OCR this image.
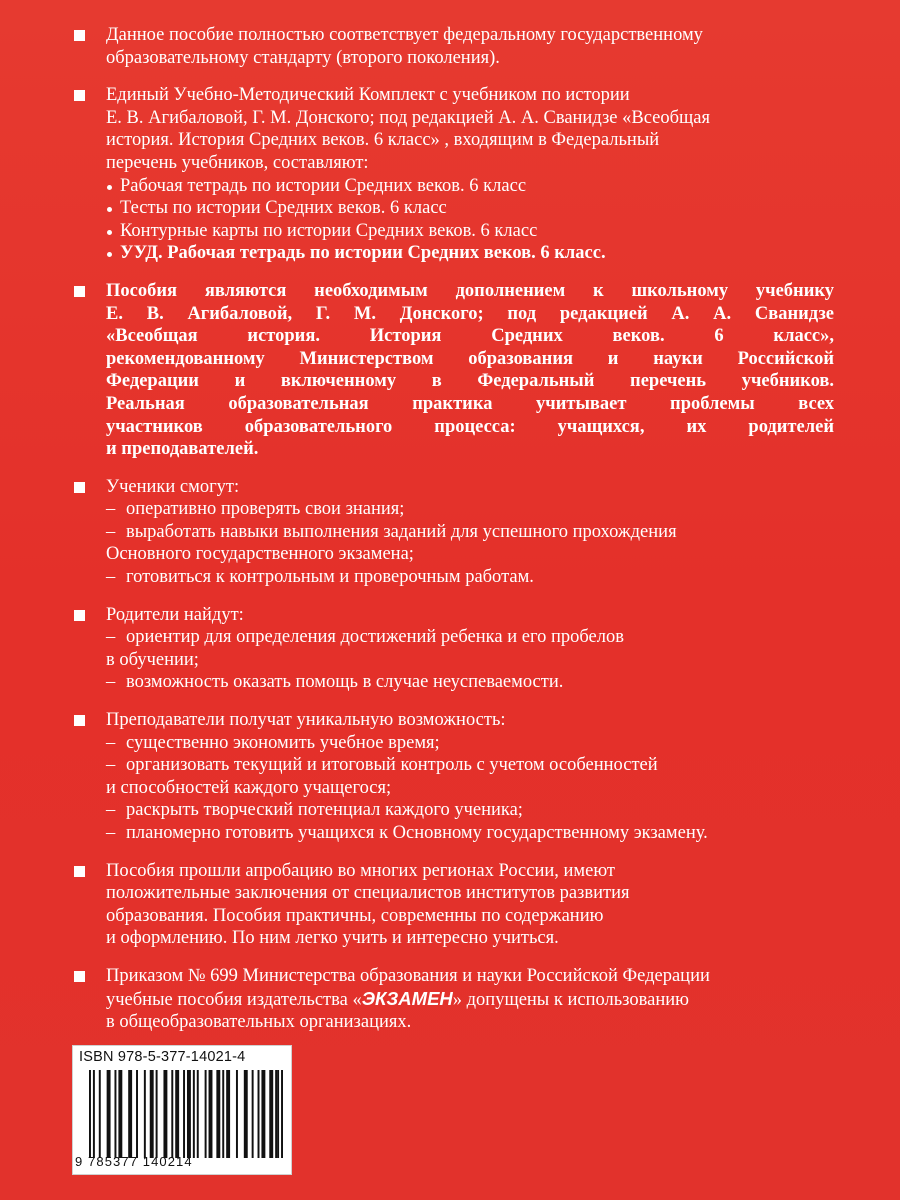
Данное пособие полностью соответствует федеральному государственному
образовательному стандарту (второго поколения).
Единый Учебно-Методический Комплект с учебником по истории
Е. В. Агибаловой, Г. М. Донского; под редакцией А. А. Сванидзе «Всеобщая
история. История Средних веков. 6 класс» , входящим в Федеральный
перечень учебников, составляют:
Рабочая тетрадь по истории Средних веков. 6 класс
Тесты по истории Средних веков. 6 класс
Контурные карты по истории Средних веков. 6 класс
УУД. Рабочая тетрадь по истории Средних веков. 6 класс.
Пособия являются необходимым дополнением к школьному учебнику
Е. В. Агибаловой, Г. М. Донского; под редакцией А. А. Сванидзе
«Всеобщая история. История Средних веков. 6 класс»,
рекомендованному Министерством образования и науки Российской
Федерации и включенному в Федеральный перечень учебников.
Реальная образовательная практика учитывает проблемы всех
участников образовательного процесса: учащихся, их родителей
и преподавателей.
Ученики смогут:
– оперативно проверять свои знания;
– выработать навыки выполнения заданий для успешного прохождения
Основного государственного экзамена;
– готовиться к контрольным и проверочным работам.
Родители найдут:
– ориентир для определения достижений ребенка и его пробелов
в обучении;
– возможность оказать помощь в случае неуспеваемости.
Преподаватели получат уникальную возможность:
– существенно экономить учебное время;
– организовать текущий и итоговый контроль с учетом особенностей
и способностей каждого учащегося;
– раскрыть творческий потенциал каждого ученика;
– планомерно готовить учащихся к Основному государственному экзамену.
Пособия прошли апробацию во многих регионах России, имеют
положительные заключения от специалистов институтов развития
образования. Пособия практичны, современны по содержанию
и оформлению. По ним легко учить и интересно учиться.
Приказом № 699 Министерства образования и науки Российской Федерации
учебные пособия издательства «ЭКЗАМЕН» допущены к использованию
в общеобразовательных организациях.
ISBN 978-5-377-14021-4
9 785377 140214
